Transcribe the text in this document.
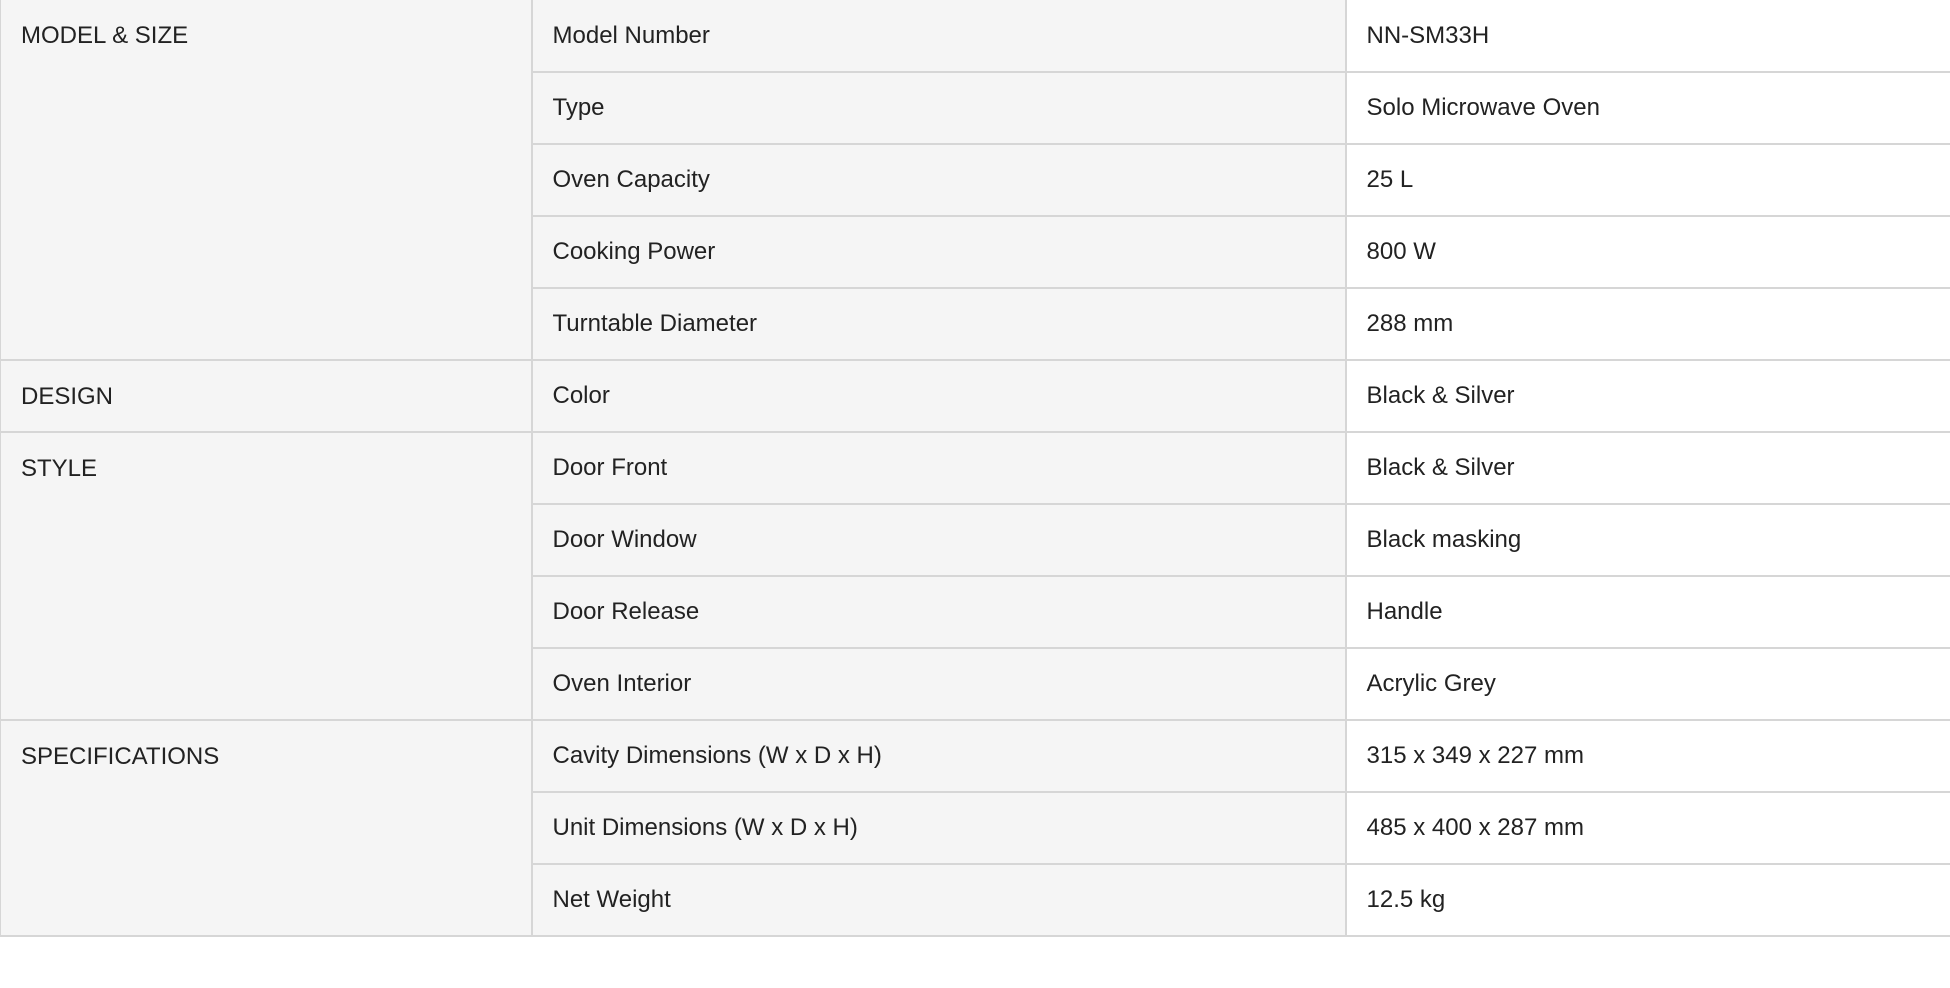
MODEL & SIZE	Model Number	NN-SM33H
	Type	Solo Microwave Oven
	Oven Capacity	25 L
	Cooking Power	800 W
	Turntable Diameter	288 mm
DESIGN	Color	Black & Silver
STYLE	Door Front	Black & Silver
	Door Window	Black masking
	Door Release	Handle
	Oven Interior	Acrylic Grey
SPECIFICATIONS	Cavity Dimensions (W x D x H)	315 x 349 x 227 mm
	Unit Dimensions (W x D x H)	485 x 400 x 287 mm
	Net Weight	12.5 kg
